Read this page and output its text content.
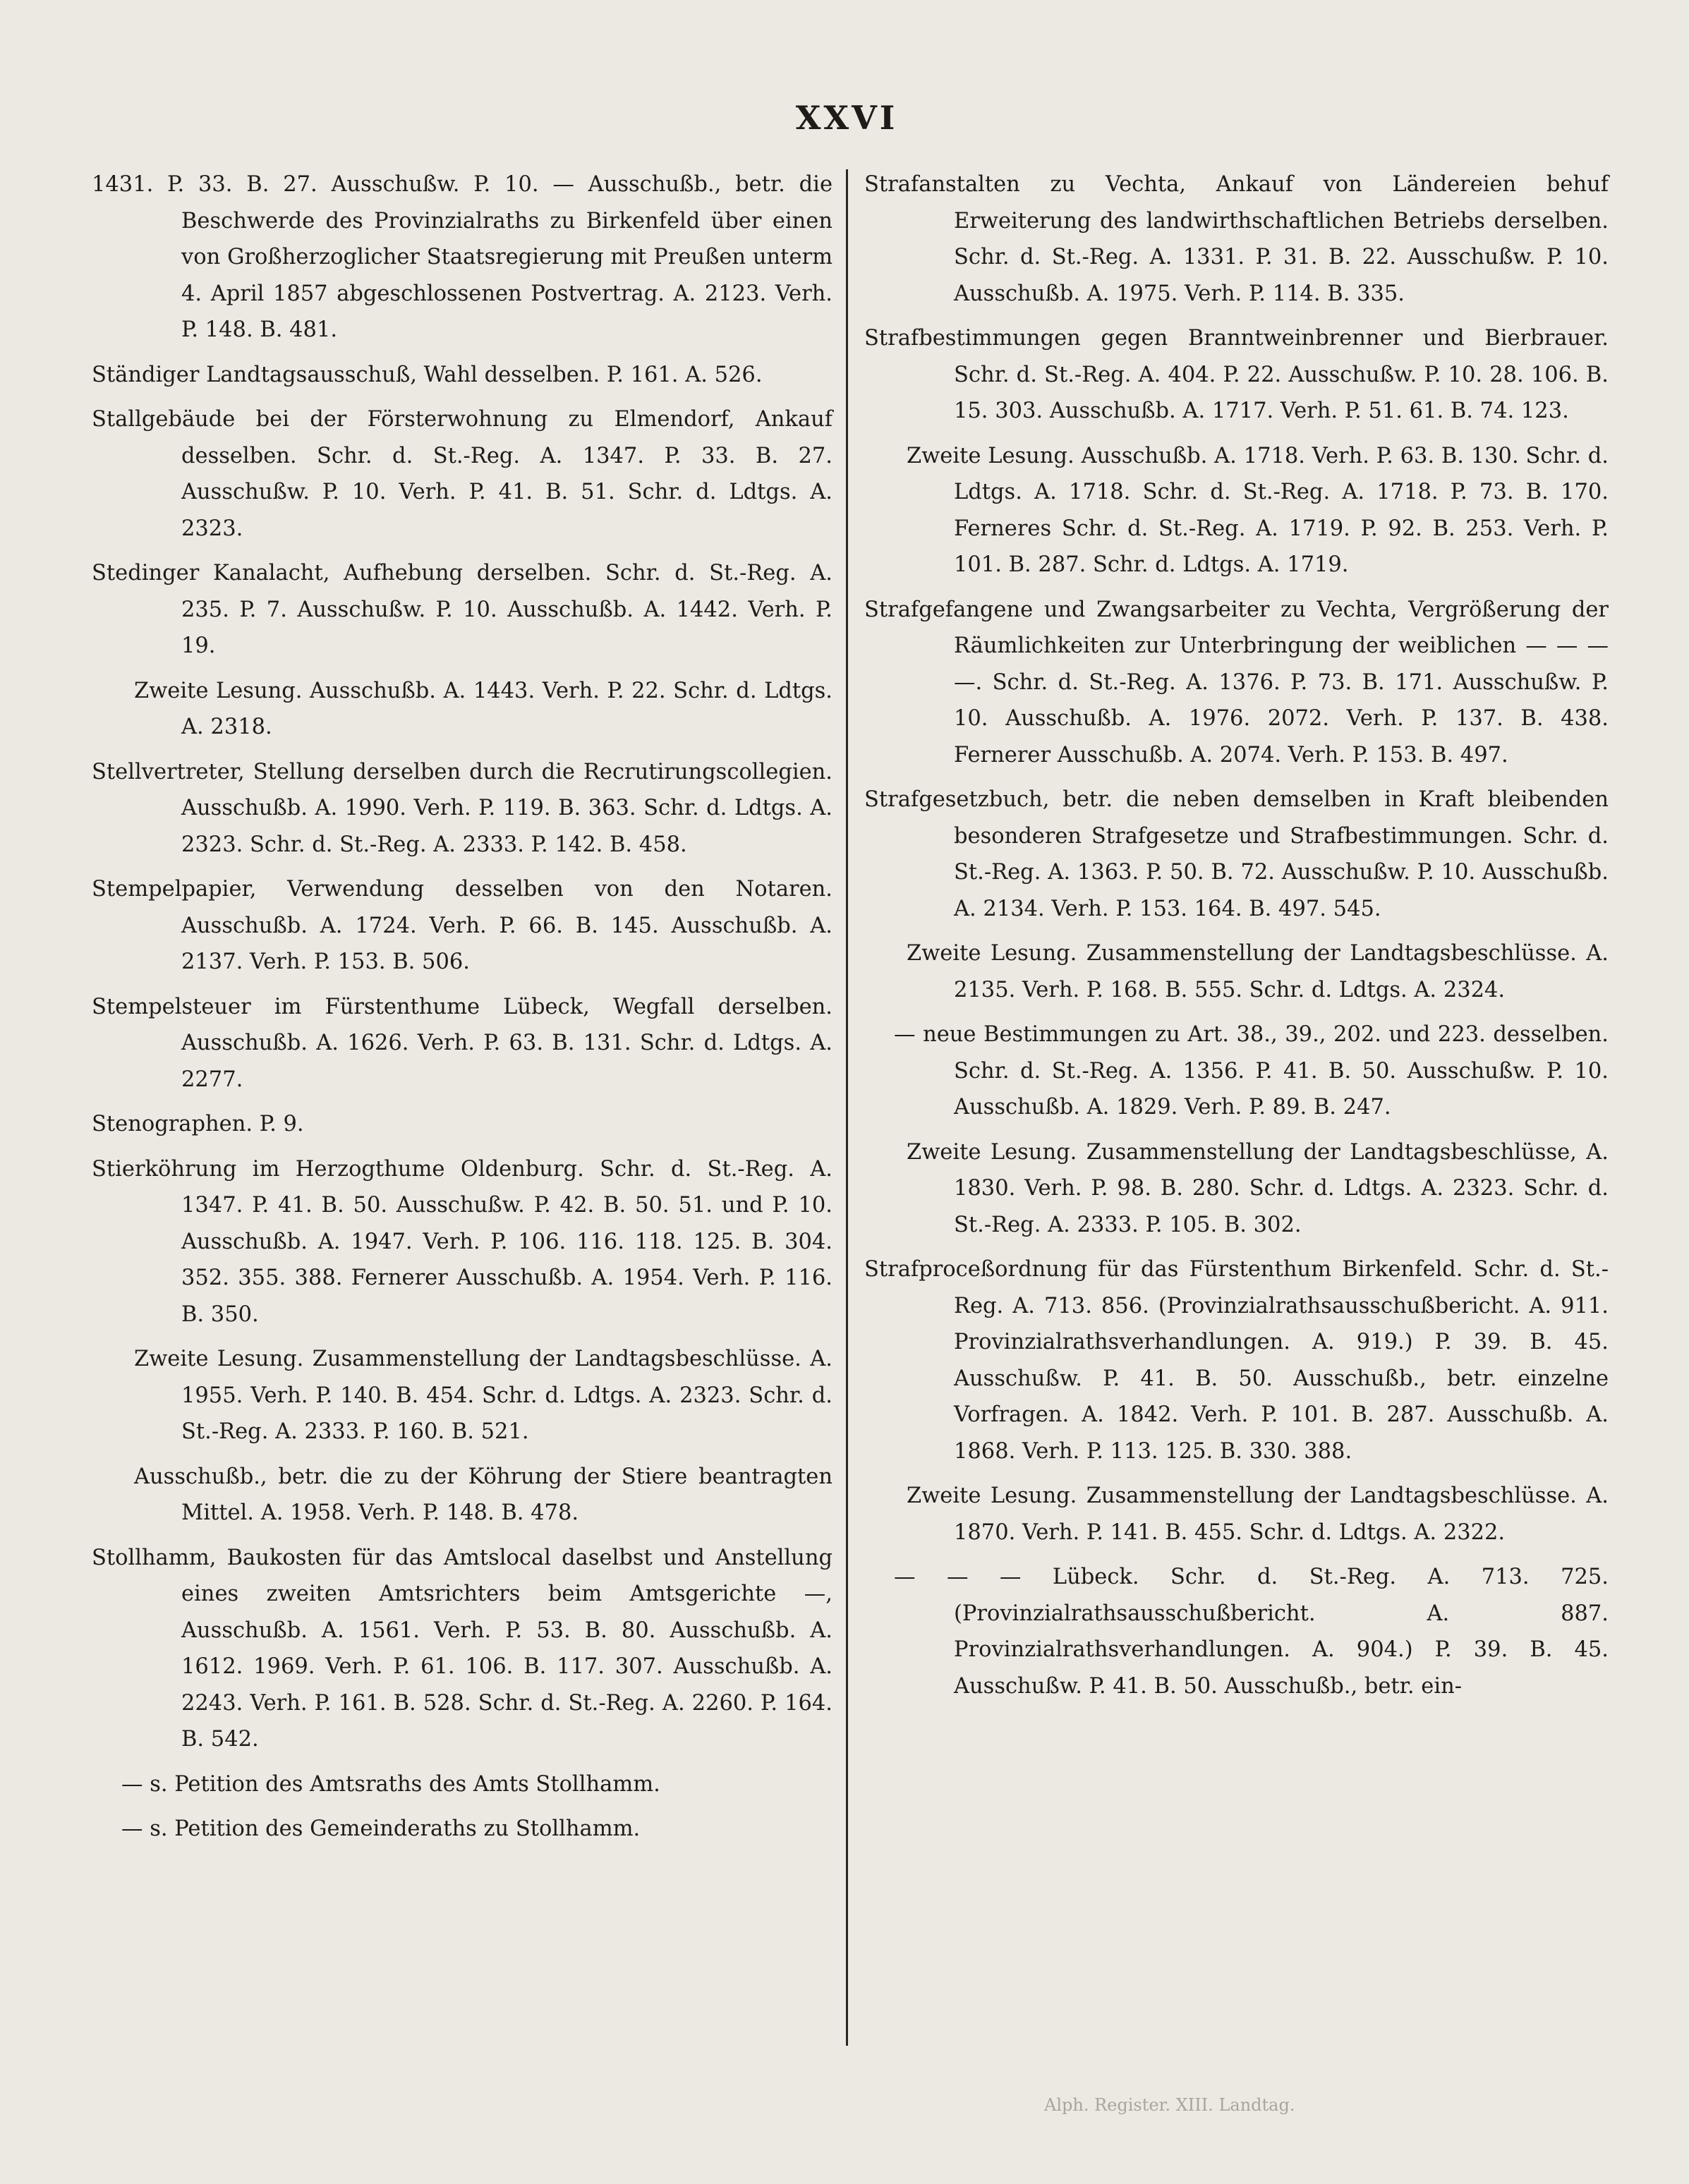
XXVI

1431. P. 33. B. 27. Ausschußw. P. 10. — Ausschußb., betr. die Beschwerde des Provinzialraths zu Birkenfeld über einen von Großherzoglicher Staatsregierung mit Preußen unterm 4. April 1857 abgeschlossenen Postvertrag. A. 2123. Verh. P. 148. B. 481.

Ständiger Landtagsausschuß, Wahl desselben. P. 161. A. 526.

Stallgebäude bei der Försterwohnung zu Elmendorf, Ankauf desselben. Schr. d. St.-Reg. A. 1347. P. 33. B. 27. Ausschußw. P. 10. Verh. P. 41. B. 51. Schr. d. Ldtgs. A. 2323.

Stedinger Kanalacht, Aufhebung derselben. Schr. d. St.-Reg. A. 235. P. 7. Ausschußw. P. 10. Ausschußb. A. 1442. Verh. P. 19.

Zweite Lesung. Ausschußb. A. 1443. Verh. P. 22. Schr. d. Ldtgs. A. 2318.

Stellvertreter, Stellung derselben durch die Recrutirungscollegien. Ausschußb. A. 1990. Verh. P. 119. B. 363. Schr. d. Ldtgs. A. 2323. Schr. d. St.-Reg. A. 2333. P. 142. B. 458.

Stempelpapier, Verwendung desselben von den Notaren. Ausschußb. A. 1724. Verh. P. 66. B. 145. Ausschußb. A. 2137. Verh. P. 153. B. 506.

Stempelsteuer im Fürstenthume Lübeck, Wegfall derselben. Ausschußb. A. 1626. Verh. P. 63. B. 131. Schr. d. Ldtgs. A. 2277.

Stenographen. P. 9.

Stierköhrung im Herzogthume Oldenburg. Schr. d. St.-Reg. A. 1347. P. 41. B. 50. Ausschußw. P. 42. B. 50. 51. und P. 10. Ausschußb. A. 1947. Verh. P. 106. 116. 118. 125. B. 304. 352. 355. 388. Fernerer Ausschußb. A. 1954. Verh. P. 116. B. 350.

Zweite Lesung. Zusammenstellung der Landtagsbeschlüsse. A. 1955. Verh. P. 140. B. 454. Schr. d. Ldtgs. A. 2323. Schr. d. St.-Reg. A. 2333. P. 160. B. 521.

Ausschußb., betr. die zu der Köhrung der Stiere beantragten Mittel. A. 1958. Verh. P. 148. B. 478.

Stollhamm, Baukosten für das Amtslocal daselbst und Anstellung eines zweiten Amtsrichters beim Amtsgerichte —, Ausschußb. A. 1561. Verh. P. 53. B. 80. Ausschußb. A. 1612. 1969. Verh. P. 61. 106. B. 117. 307. Ausschußb. A. 2243. Verh. P. 161. B. 528. Schr. d. St.-Reg. A. 2260. P. 164. B. 542.

— s. Petition des Amtsraths des Amts Stollhamm.

— s. Petition des Gemeinderaths zu Stollhamm.

Strafanstalten zu Vechta, Ankauf von Ländereien behuf Erweiterung des landwirthschaftlichen Betriebs derselben. Schr. d. St.-Reg. A. 1331. P. 31. B. 22. Ausschußw. P. 10. Ausschußb. A. 1975. Verh. P. 114. B. 335.

Strafbestimmungen gegen Branntweinbrenner und Bierbrauer. Schr. d. St.-Reg. A. 404. P. 22. Ausschußw. P. 10. 28. 106. B. 15. 303. Ausschußb. A. 1717. Verh. P. 51. 61. B. 74. 123.

Zweite Lesung. Ausschußb. A. 1718. Verh. P. 63. B. 130. Schr. d. Ldtgs. A. 1718. Schr. d. St.-Reg. A. 1718. P. 73. B. 170. Ferneres Schr. d. St.-Reg. A. 1719. P. 92. B. 253. Verh. P. 101. B. 287. Schr. d. Ldtgs. A. 1719.

Strafgefangene und Zwangsarbeiter zu Vechta, Vergrößerung der Räumlichkeiten zur Unterbringung der weiblichen — — — —. Schr. d. St.-Reg. A. 1376. P. 73. B. 171. Ausschußw. P. 10. Ausschußb. A. 1976. 2072. Verh. P. 137. B. 438. Fernerer Ausschußb. A. 2074. Verh. P. 153. B. 497.

Strafgesetzbuch, betr. die neben demselben in Kraft bleibenden besonderen Strafgesetze und Strafbestimmungen. Schr. d. St.-Reg. A. 1363. P. 50. B. 72. Ausschußw. P. 10. Ausschußb. A. 2134. Verh. P. 153. 164. B. 497. 545.

Zweite Lesung. Zusammenstellung der Landtagsbeschlüsse. A. 2135. Verh. P. 168. B. 555. Schr. d. Ldtgs. A. 2324.

— neue Bestimmungen zu Art. 38., 39., 202. und 223. desselben. Schr. d. St.-Reg. A. 1356. P. 41. B. 50. Ausschußw. P. 10. Ausschußb. A. 1829. Verh. P. 89. B. 247.

Zweite Lesung. Zusammenstellung der Landtagsbeschlüsse, A. 1830. Verh. P. 98. B. 280. Schr. d. Ldtgs. A. 2323. Schr. d. St.-Reg. A. 2333. P. 105. B. 302.

Strafproceßordnung für das Fürstenthum Birkenfeld. Schr. d. St.-Reg. A. 713. 856. (Provinzialrathsausschußbericht. A. 911. Provinzialrathsverhandlungen. A. 919.) P. 39. B. 45. Ausschußw. P. 41. B. 50. Ausschußb., betr. einzelne Vorfragen. A. 1842. Verh. P. 101. B. 287. Ausschußb. A. 1868. Verh. P. 113. 125. B. 330. 388.

Zweite Lesung. Zusammenstellung der Landtagsbeschlüsse. A. 1870. Verh. P. 141. B. 455. Schr. d. Ldtgs. A. 2322.

— — — Lübeck. Schr. d. St.-Reg. A. 713. 725. (Provinzialrathsausschußbericht. A. 887. Provinzialrathsverhandlungen. A. 904.) P. 39. B. 45. Ausschußw. P. 41. B. 50. Ausschußb., betr. ein-

Alph. Register. XIII. Landtag.
